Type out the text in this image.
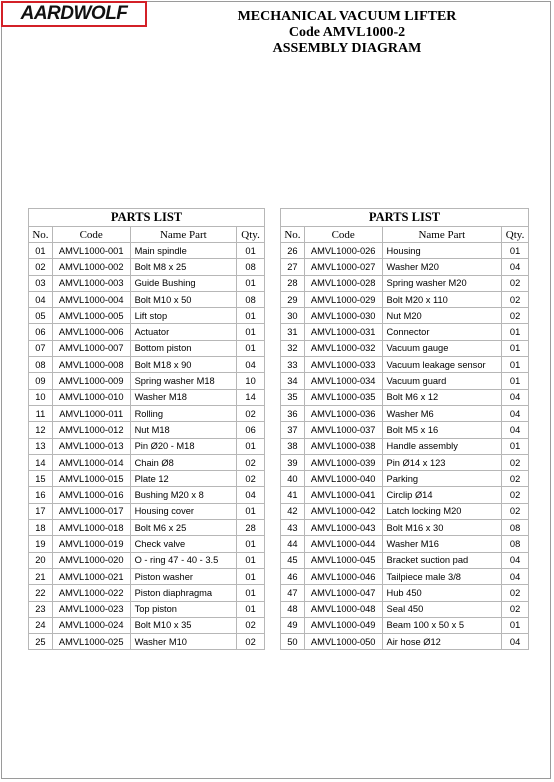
AARDWOLF	MECHANICAL VACUUM LIFTER
Code AMVL1000-2
ASSEMBLY DIAGRAM
PARTS LIST			
No.	Code	Name Part	Qty.
01	AMVL1000-001	Main spindle	01
02	AMVL1000-002	Bolt M8 x 25	08
03	AMVL1000-003	Guide Bushing	01
04	AMVL1000-004	Bolt M10 x 50	08
05	AMVL1000-005	Lift stop	01
06	AMVL1000-006	Actuator	01
07	AMVL1000-007	Bottom piston	01
08	AMVL1000-008	Bolt M18 x 90	04
09	AMVL1000-009	Spring washer M18	10
10	AMVL1000-010	Washer M18	14
11	AMVL1000-011	Rolling	02
12	AMVL1000-012	Nut M18	06
13	AMVL1000-013	Pin Ø20 - M18	01
14	AMVL1000-014	Chain Ø8	02
15	AMVL1000-015	Plate 12	02
16	AMVL1000-016	Bushing M20 x 8	04
17	AMVL1000-017	Housing cover	01
18	AMVL1000-018	Bolt M6 x 25	28
19	AMVL1000-019	Check valve	01
20	AMVL1000-020	O - ring 47 - 40 - 3.5	01
21	AMVL1000-021	Piston washer	01
22	AMVL1000-022	Piston diaphragma	01
23	AMVL1000-023	Top piston	01
24	AMVL1000-024	Bolt M10 x 35	02
25	AMVL1000-025	Washer M10	02
PARTS LIST			
No.	Code	Name Part	Qty.
26	AMVL1000-026	Housing	01
27	AMVL1000-027	Washer M20	04
28	AMVL1000-028	Spring washer M20	02
29	AMVL1000-029	Bolt M20 x 110	02
30	AMVL1000-030	Nut M20	02
31	AMVL1000-031	Connector	01
32	AMVL1000-032	Vacuum gauge	01
33	AMVL1000-033	Vacuum leakage sensor	01
34	AMVL1000-034	Vacuum guard	01
35	AMVL1000-035	Bolt M6 x 12	04
36	AMVL1000-036	Washer M6	04
37	AMVL1000-037	Bolt M5 x 16	04
38	AMVL1000-038	Handle assembly	01
39	AMVL1000-039	Pin Ø14 x 123	02
40	AMVL1000-040	Parking	02
41	AMVL1000-041	Circlip Ø14	02
42	AMVL1000-042	Latch locking M20	02
43	AMVL1000-043	Bolt M16 x 30	08
44	AMVL1000-044	Washer M16	08
45	AMVL1000-045	Bracket suction pad	04
46	AMVL1000-046	Tailpiece male 3/8	04
47	AMVL1000-047	Hub 450	02
48	AMVL1000-048	Seal 450	02
49	AMVL1000-049	Beam 100 x 50 x 5	01
50	AMVL1000-050	Air hose Ø12	04
